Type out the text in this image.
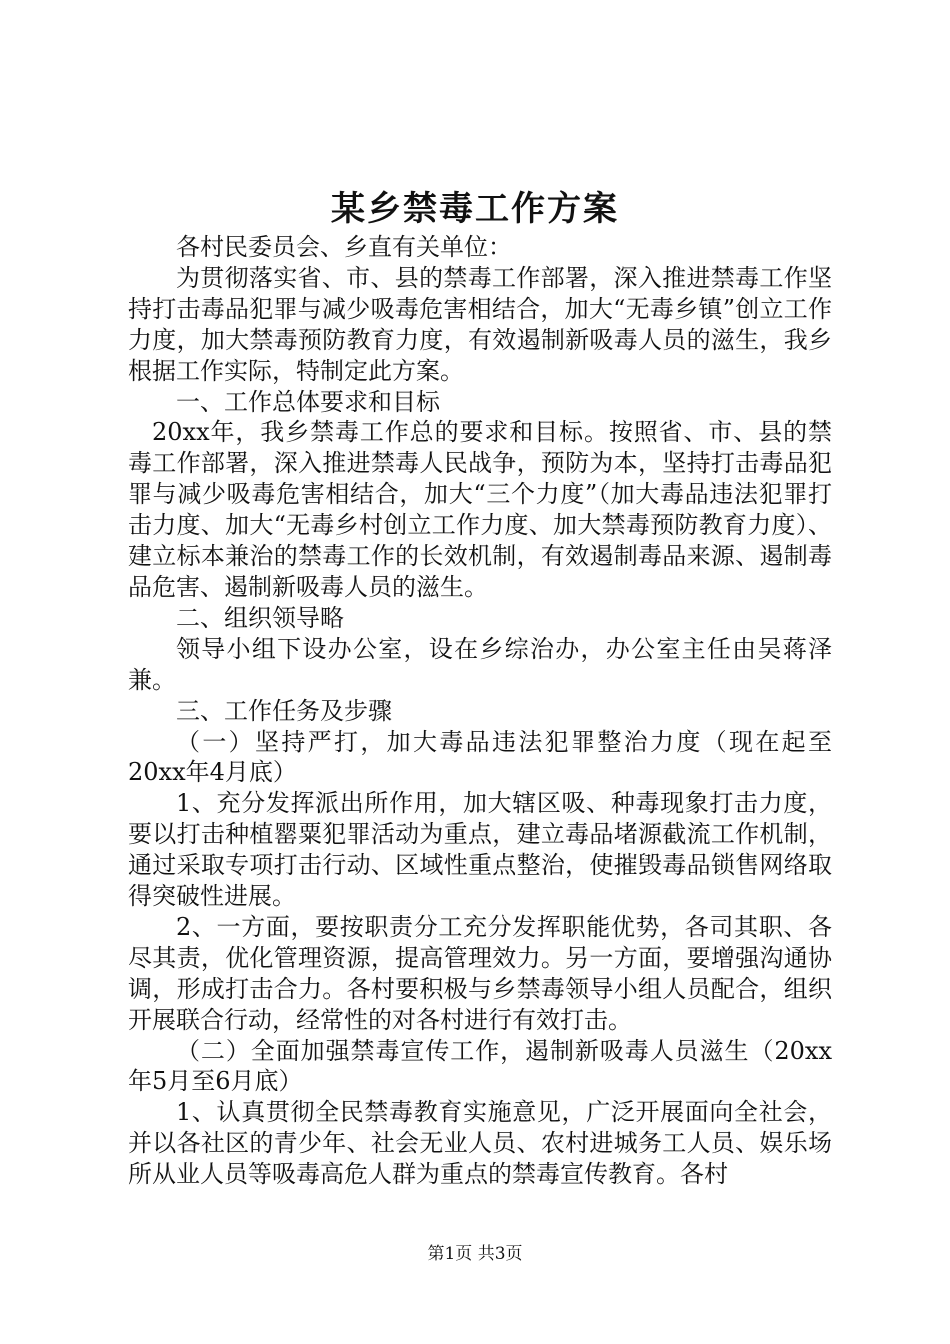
某乡禁毒工作方案

各村民委员会、乡直有关单位：

为贯彻落实省、市、县的禁毒工作部署，深入推进禁毒工作坚持打击毒品犯罪与减少吸毒危害相结合，加大“无毒乡镇”创立工作力度，加大禁毒预防教育力度，有效遏制新吸毒人员的滋生，我乡根据工作实际，特制定此方案。

一、工作总体要求和目标

20xx年，我乡禁毒工作总的要求和目标。按照省、市、县的禁毒工作部署，深入推进禁毒人民战争，预防为本，坚持打击毒品犯罪与减少吸毒危害相结合，加大“三个力度”（加大毒品违法犯罪打击力度、加大“无毒乡村创立工作力度、加大禁毒预防教育力度）、建立标本兼治的禁毒工作的长效机制，有效遏制毒品来源、遏制毒品危害、遏制新吸毒人员的滋生。

二、组织领导略

领导小组下设办公室，设在乡综治办，办公室主任由吴蒋泽兼。

三、工作任务及步骤

（一）坚持严打，加大毒品违法犯罪整治力度（现在起至20xx年4月底）

1、充分发挥派出所作用，加大辖区吸、种毒现象打击力度，要以打击种植罂粟犯罪活动为重点，建立毒品堵源截流工作机制，通过采取专项打击行动、区域性重点整治，使摧毁毒品锁售网络取得突破性进展。

2、一方面，要按职责分工充分发挥职能优势，各司其职、各尽其责，优化管理资源，提高管理效力。另一方面，要增强沟通协调，形成打击合力。各村要积极与乡禁毒领导小组人员配合，组织开展联合行动，经常性的对各村进行有效打击。

（二）全面加强禁毒宣传工作，遏制新吸毒人员滋生（20xx年5月至6月底）

1、认真贯彻全民禁毒教育实施意见，广泛开展面向全社会，并以各社区的青少年、社会无业人员、农村进城务工人员、娱乐场所从业人员等吸毒高危人群为重点的禁毒宣传教育。各村

第1页 共3页
